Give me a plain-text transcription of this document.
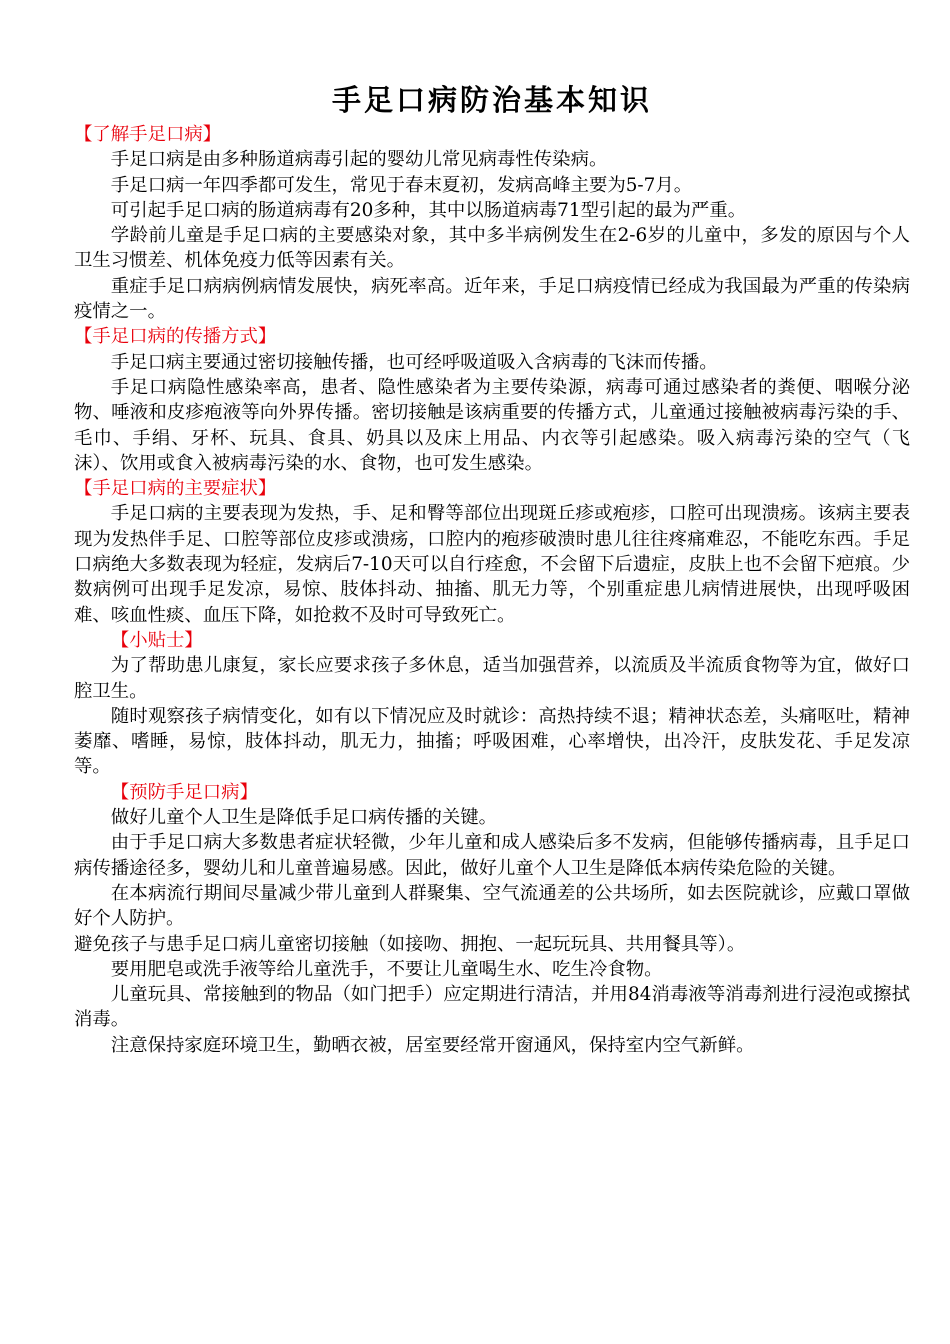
手足口病防治基本知识

【了解手足口病】

手足口病是由多种肠道病毒引起的婴幼儿常见病毒性传染病。

手足口病一年四季都可发生，常见于春末夏初，发病高峰主要为5-7月。

可引起手足口病的肠道病毒有20多种，其中以肠道病毒71型引起的最为严重。

学龄前儿童是手足口病的主要感染对象，其中多半病例发生在2-6岁的儿童中，多发的原因与个人卫生习惯差、机体免疫力低等因素有关。

重症手足口病病例病情发展快，病死率高。近年来，手足口病疫情已经成为我国最为严重的传染病疫情之一。

【手足口病的传播方式】

手足口病主要通过密切接触传播，也可经呼吸道吸入含病毒的飞沫而传播。

手足口病隐性感染率高，患者、隐性感染者为主要传染源，病毒可通过感染者的粪便、咽喉分泌物、唾液和皮疹疱液等向外界传播。密切接触是该病重要的传播方式，儿童通过接触被病毒污染的手、毛巾、手绢、牙杯、玩具、食具、奶具以及床上用品、内衣等引起感染。吸入病毒污染的空气（飞沫）、饮用或食入被病毒污染的水、食物，也可发生感染。

【手足口病的主要症状】

手足口病的主要表现为发热，手、足和臀等部位出现斑丘疹或疱疹，口腔可出现溃疡。该病主要表现为发热伴手足、口腔等部位皮疹或溃疡，口腔内的疱疹破溃时患儿往往疼痛难忍，不能吃东西。手足口病绝大多数表现为轻症，发病后7-10天可以自行痊愈，不会留下后遗症，皮肤上也不会留下疤痕。少数病例可出现手足发凉，易惊、肢体抖动、抽搐、肌无力等，个别重症患儿病情进展快，出现呼吸困难、咳血性痰、血压下降，如抢救不及时可导致死亡。

【小贴士】

为了帮助患儿康复，家长应要求孩子多休息，适当加强营养，以流质及半流质食物等为宜，做好口腔卫生。

随时观察孩子病情变化，如有以下情况应及时就诊：高热持续不退；精神状态差，头痛呕吐，精神萎靡、嗜睡，易惊，肢体抖动，肌无力，抽搐；呼吸困难，心率增快，出冷汗，皮肤发花、手足发凉等。

【预防手足口病】

做好儿童个人卫生是降低手足口病传播的关键。

由于手足口病大多数患者症状轻微，少年儿童和成人感染后多不发病，但能够传播病毒，且手足口病传播途径多，婴幼儿和儿童普遍易感。因此，做好儿童个人卫生是降低本病传染危险的关键。

在本病流行期间尽量减少带儿童到人群聚集、空气流通差的公共场所，如去医院就诊，应戴口罩做好个人防护。

避免孩子与患手足口病儿童密切接触（如接吻、拥抱、一起玩玩具、共用餐具等）。

要用肥皂或洗手液等给儿童洗手，不要让儿童喝生水、吃生冷食物。

儿童玩具、常接触到的物品（如门把手）应定期进行清洁，并用84消毒液等消毒剂进行浸泡或擦拭消毒。

注意保持家庭环境卫生，勤晒衣被，居室要经常开窗通风，保持室内空气新鲜。
